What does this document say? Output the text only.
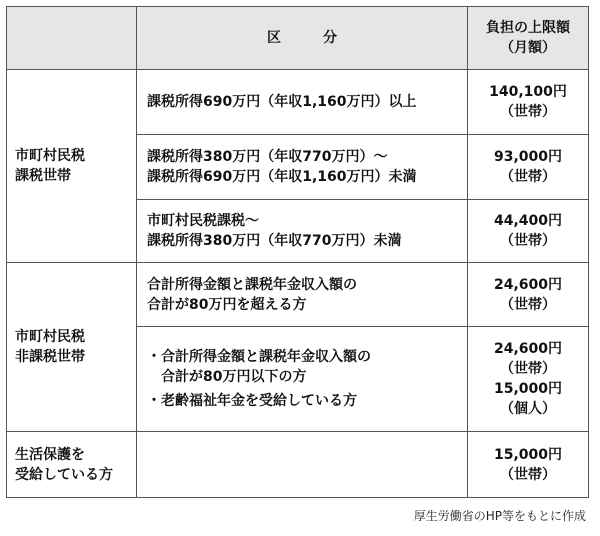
	区　分	負担の上限額
（月額）

市町村民税
課税世帯	課税所得690万円（年収1,160万円）以上	140,100円
（世帯）

	課税所得380万円（年収770万円）～
課税所得690万円（年収1,160万円）未満	93,000円
（世帯）

	市町村民税課税～
課税所得380万円（年収770万円）未満	44,400円
（世帯）

市町村民税
非課税世帯	合計所得金額と課税年金収入額の
合計が80万円を超える方	24,600円
（世帯）

	・合計所得金額と課税年金収入額の
合計が80万円以下の方
・老齢福祉年金を受給している方	24,600円
（世帯）
15,000円
（個人）

生活保護を
受給している方		15,000円
（世帯）
厚生労働省のHP等をもとに作成
